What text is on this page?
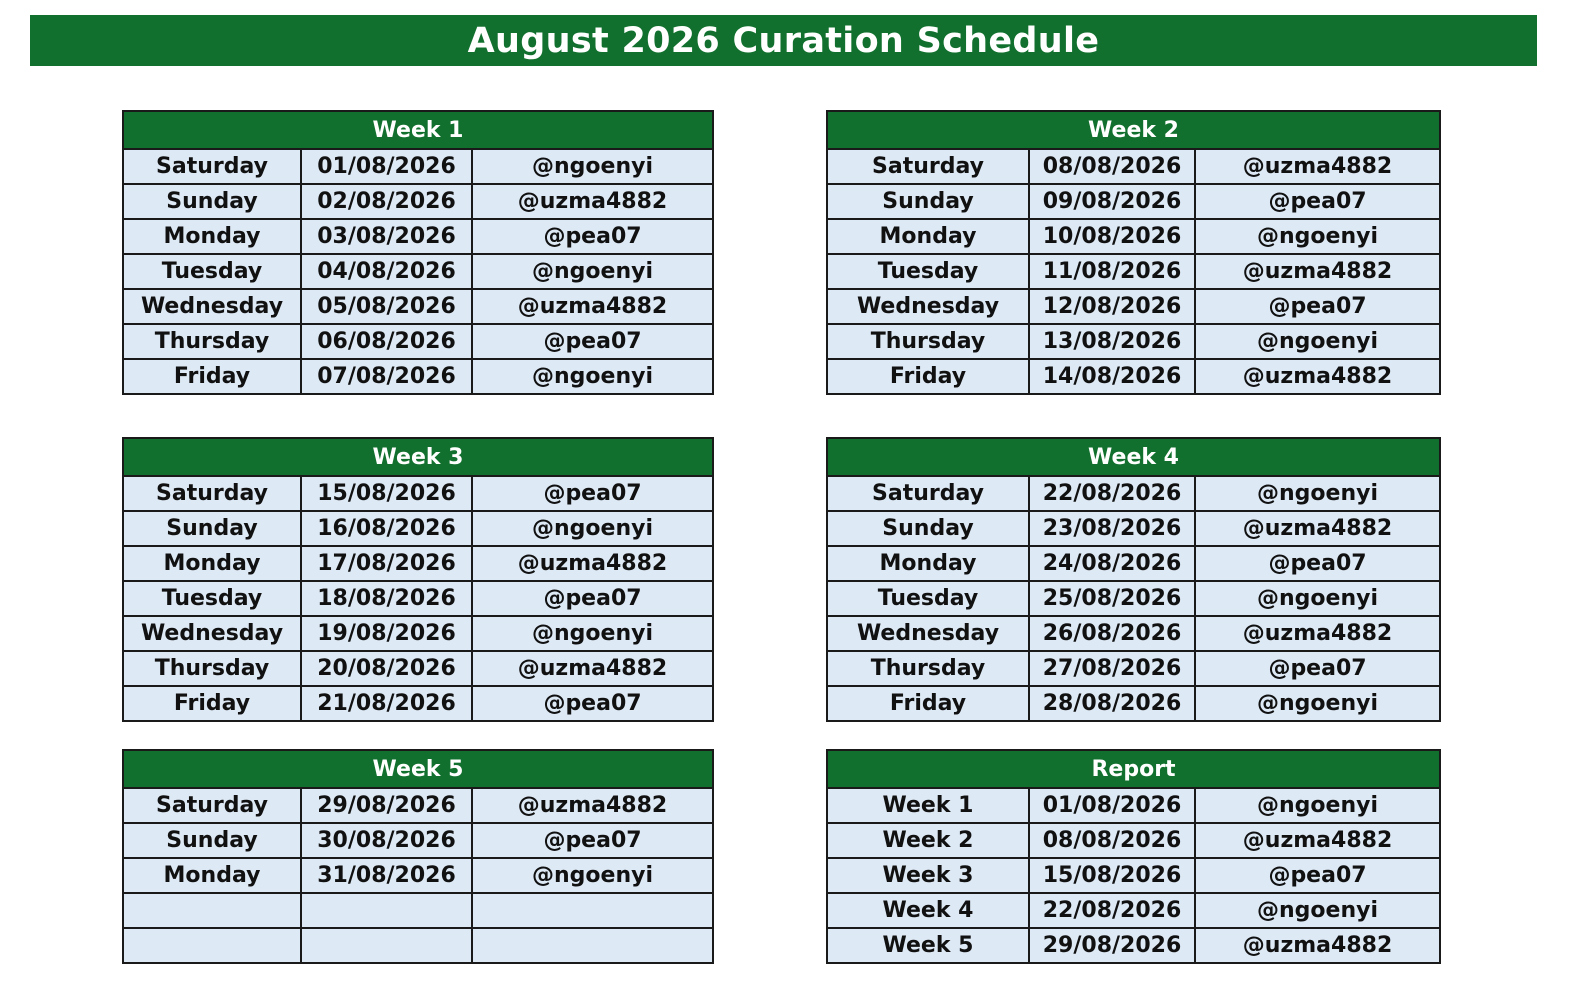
August 2026 Curation Schedule
Week 1		
Saturday	01/08/2026	@ngoenyi
Sunday	02/08/2026	@uzma4882
Monday	03/08/2026	@pea07
Tuesday	04/08/2026	@ngoenyi
Wednesday	05/08/2026	@uzma4882
Thursday	06/08/2026	@pea07
Friday	07/08/2026	@ngoenyi
Week 2		
Saturday	08/08/2026	@uzma4882
Sunday	09/08/2026	@pea07
Monday	10/08/2026	@ngoenyi
Tuesday	11/08/2026	@uzma4882
Wednesday	12/08/2026	@pea07
Thursday	13/08/2026	@ngoenyi
Friday	14/08/2026	@uzma4882
Week 3		
Saturday	15/08/2026	@pea07
Sunday	16/08/2026	@ngoenyi
Monday	17/08/2026	@uzma4882
Tuesday	18/08/2026	@pea07
Wednesday	19/08/2026	@ngoenyi
Thursday	20/08/2026	@uzma4882
Friday	21/08/2026	@pea07
Week 4		
Saturday	22/08/2026	@ngoenyi
Sunday	23/08/2026	@uzma4882
Monday	24/08/2026	@pea07
Tuesday	25/08/2026	@ngoenyi
Wednesday	26/08/2026	@uzma4882
Thursday	27/08/2026	@pea07
Friday	28/08/2026	@ngoenyi
Week 5		
Saturday	29/08/2026	@uzma4882
Sunday	30/08/2026	@pea07
Monday	31/08/2026	@ngoenyi

Report		
Week 1	01/08/2026	@ngoenyi
Week 2	08/08/2026	@uzma4882
Week 3	15/08/2026	@pea07
Week 4	22/08/2026	@ngoenyi
Week 5	29/08/2026	@uzma4882
